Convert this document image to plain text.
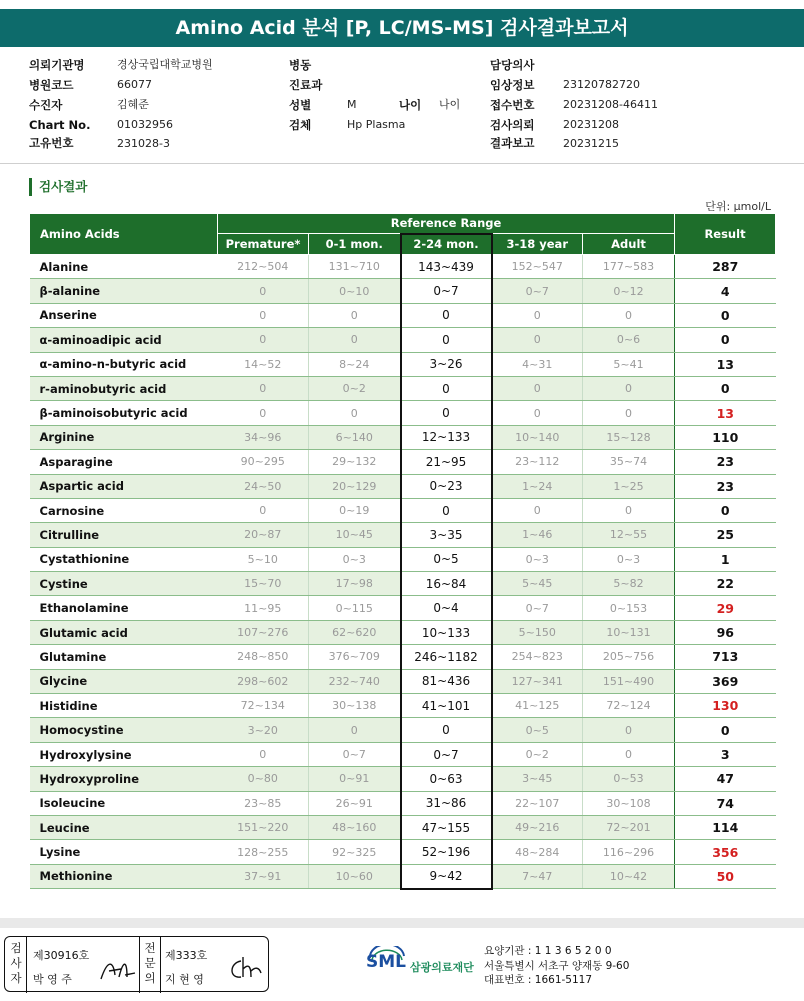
Amino Acid 분석 [P, LC/MS-MS] 검사결과보고서
의뢰기관명	경상국립대학교병원
병원코드	66077
수진자	김혜준
Chart No. 01032956
고유번호	231028-3
병동
진료과
성별	M	나이 나이
검체	Hp Plasma
담당의사
임상정보	23120782720
접수번호	20231208-46411
검사의뢰	20231208
결과보고	20231215
검사결과
단위: μmol/L
Amino Acids	Reference Range					Result
	Premature*	0-1 mon.	2-24 mon.	3-18 year	Adult	
Alanine	212~504	131~710	143~439	152~547	177~583	287
β-alanine	0	0~10	0~7	0~7	0~12	4
Anserine	0	0	0	0	0	0
α-aminoadipic acid	0	0	0	0	0~6	0
α-amino-n-butyric acid	14~52	8~24	3~26	4~31	5~41	13
r-aminobutyric acid	0	0~2	0	0	0	0
β-aminoisobutyric acid	0	0	0	0	0	13
Arginine	34~96	6~140	12~133	10~140	15~128	110
Asparagine	90~295	29~132	21~95	23~112	35~74	23
Aspartic acid	24~50	20~129	0~23	1~24	1~25	23
Carnosine	0	0~19	0	0	0	0
Citrulline	20~87	10~45	3~35	1~46	12~55	25
Cystathionine	5~10	0~3	0~5	0~3	0~3	1
Cystine	15~70	17~98	16~84	5~45	5~82	22
Ethanolamine	11~95	0~115	0~4	0~7	0~153	29
Glutamic acid	107~276	62~620	10~133	5~150	10~131	96
Glutamine	248~850	376~709	246~1182	254~823	205~756	713
Glycine	298~602	232~740	81~436	127~341	151~490	369
Histidine	72~134	30~138	41~101	41~125	72~124	130
Homocystine	3~20	0	0	0~5	0	0
Hydroxylysine	0	0~7	0~7	0~2	0	3
Hydroxyproline	0~80	0~91	0~63	3~45	0~53	47
Isoleucine	23~85	26~91	31~86	22~107	30~108	74
Leucine	151~220	48~160	47~155	49~216	72~201	114
Lysine	128~255	92~325	52~196	48~284	116~296	356
Methionine	37~91	10~60	9~42	7~47	10~42	50
검
사
자
제30916호
박 영 주
전
문
의
제333호
지 현 영
SML 삼광의료재단
요양기관 : 1 1 3 6 5 2 0 0
서울특별시 서초구 양재동 9-60
대표번호 : 1661-5117
